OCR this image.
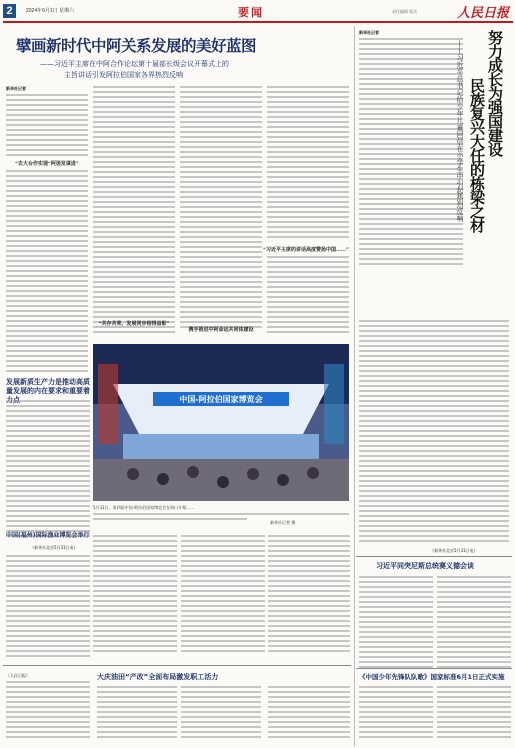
2	2024年6月1日 星期六	要闻	责任编辑 版式	人民日报
擘画新时代中阿关系发展的美好蓝图
——习近平主席在中阿合作论坛第十届部长级会议开幕式上的
主旨讲话引发阿拉伯国家各界热烈反响
新华社记者
“去大台作实现“阿语发谋进”
“共存共荣，发展同步相得益彰”
“习近平主席的讲话高度赞扬中国……”
中国-阿拉伯国家博览会
5月31日，第四届中国-阿拉伯国家博览会在海口开幕……
新华社记者 摄
发展新质生产力是推动高质量发展的内在要求和重要着
（新华社北京5月31日电）
中国(福州)国际渔业博览会举行
大庆油田“产改”全面布局激发职工活力
（人民日报）
新华社记者	努力成长为强国建设
民族复兴大任的栋梁之材
——习近平总书记给少年儿童回信在小学生中引起热烈反响
（新华社北京5月31日电）
习近平同突尼斯总统赛义德会谈
《中国少年先锋队队歌》国家标准6月1日正式实施
携手推进中阿命运共同体建设
